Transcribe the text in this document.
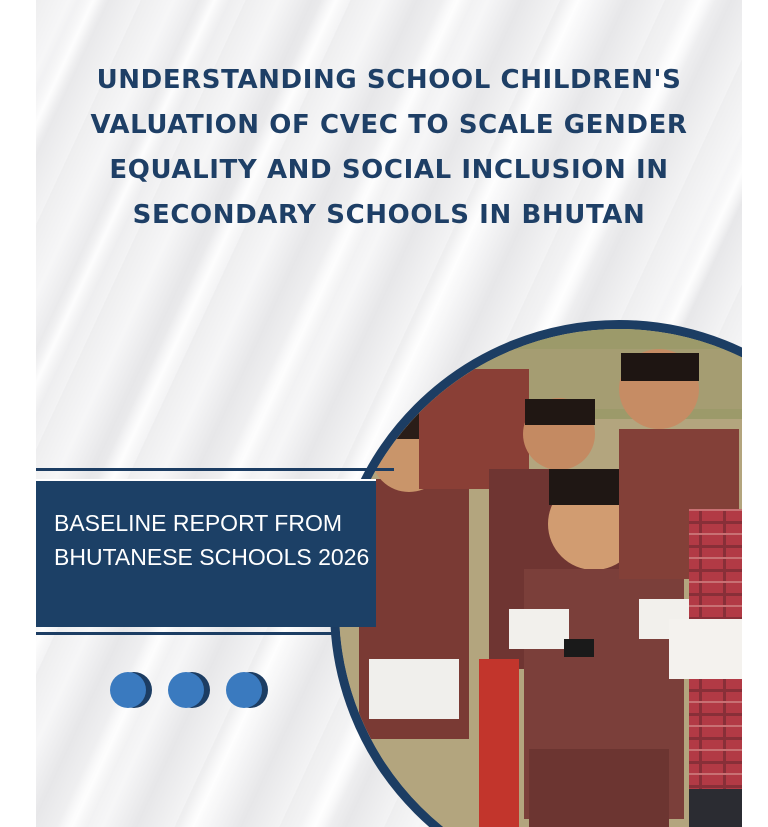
UNDERSTANDING SCHOOL CHILDREN'S VALUATION OF CVEC TO SCALE GENDER EQUALITY AND SOCIAL INCLUSION IN SECONDARY SCHOOLS IN BHUTAN
BASELINE REPORT FROM BHUTANESE SCHOOLS 2026
